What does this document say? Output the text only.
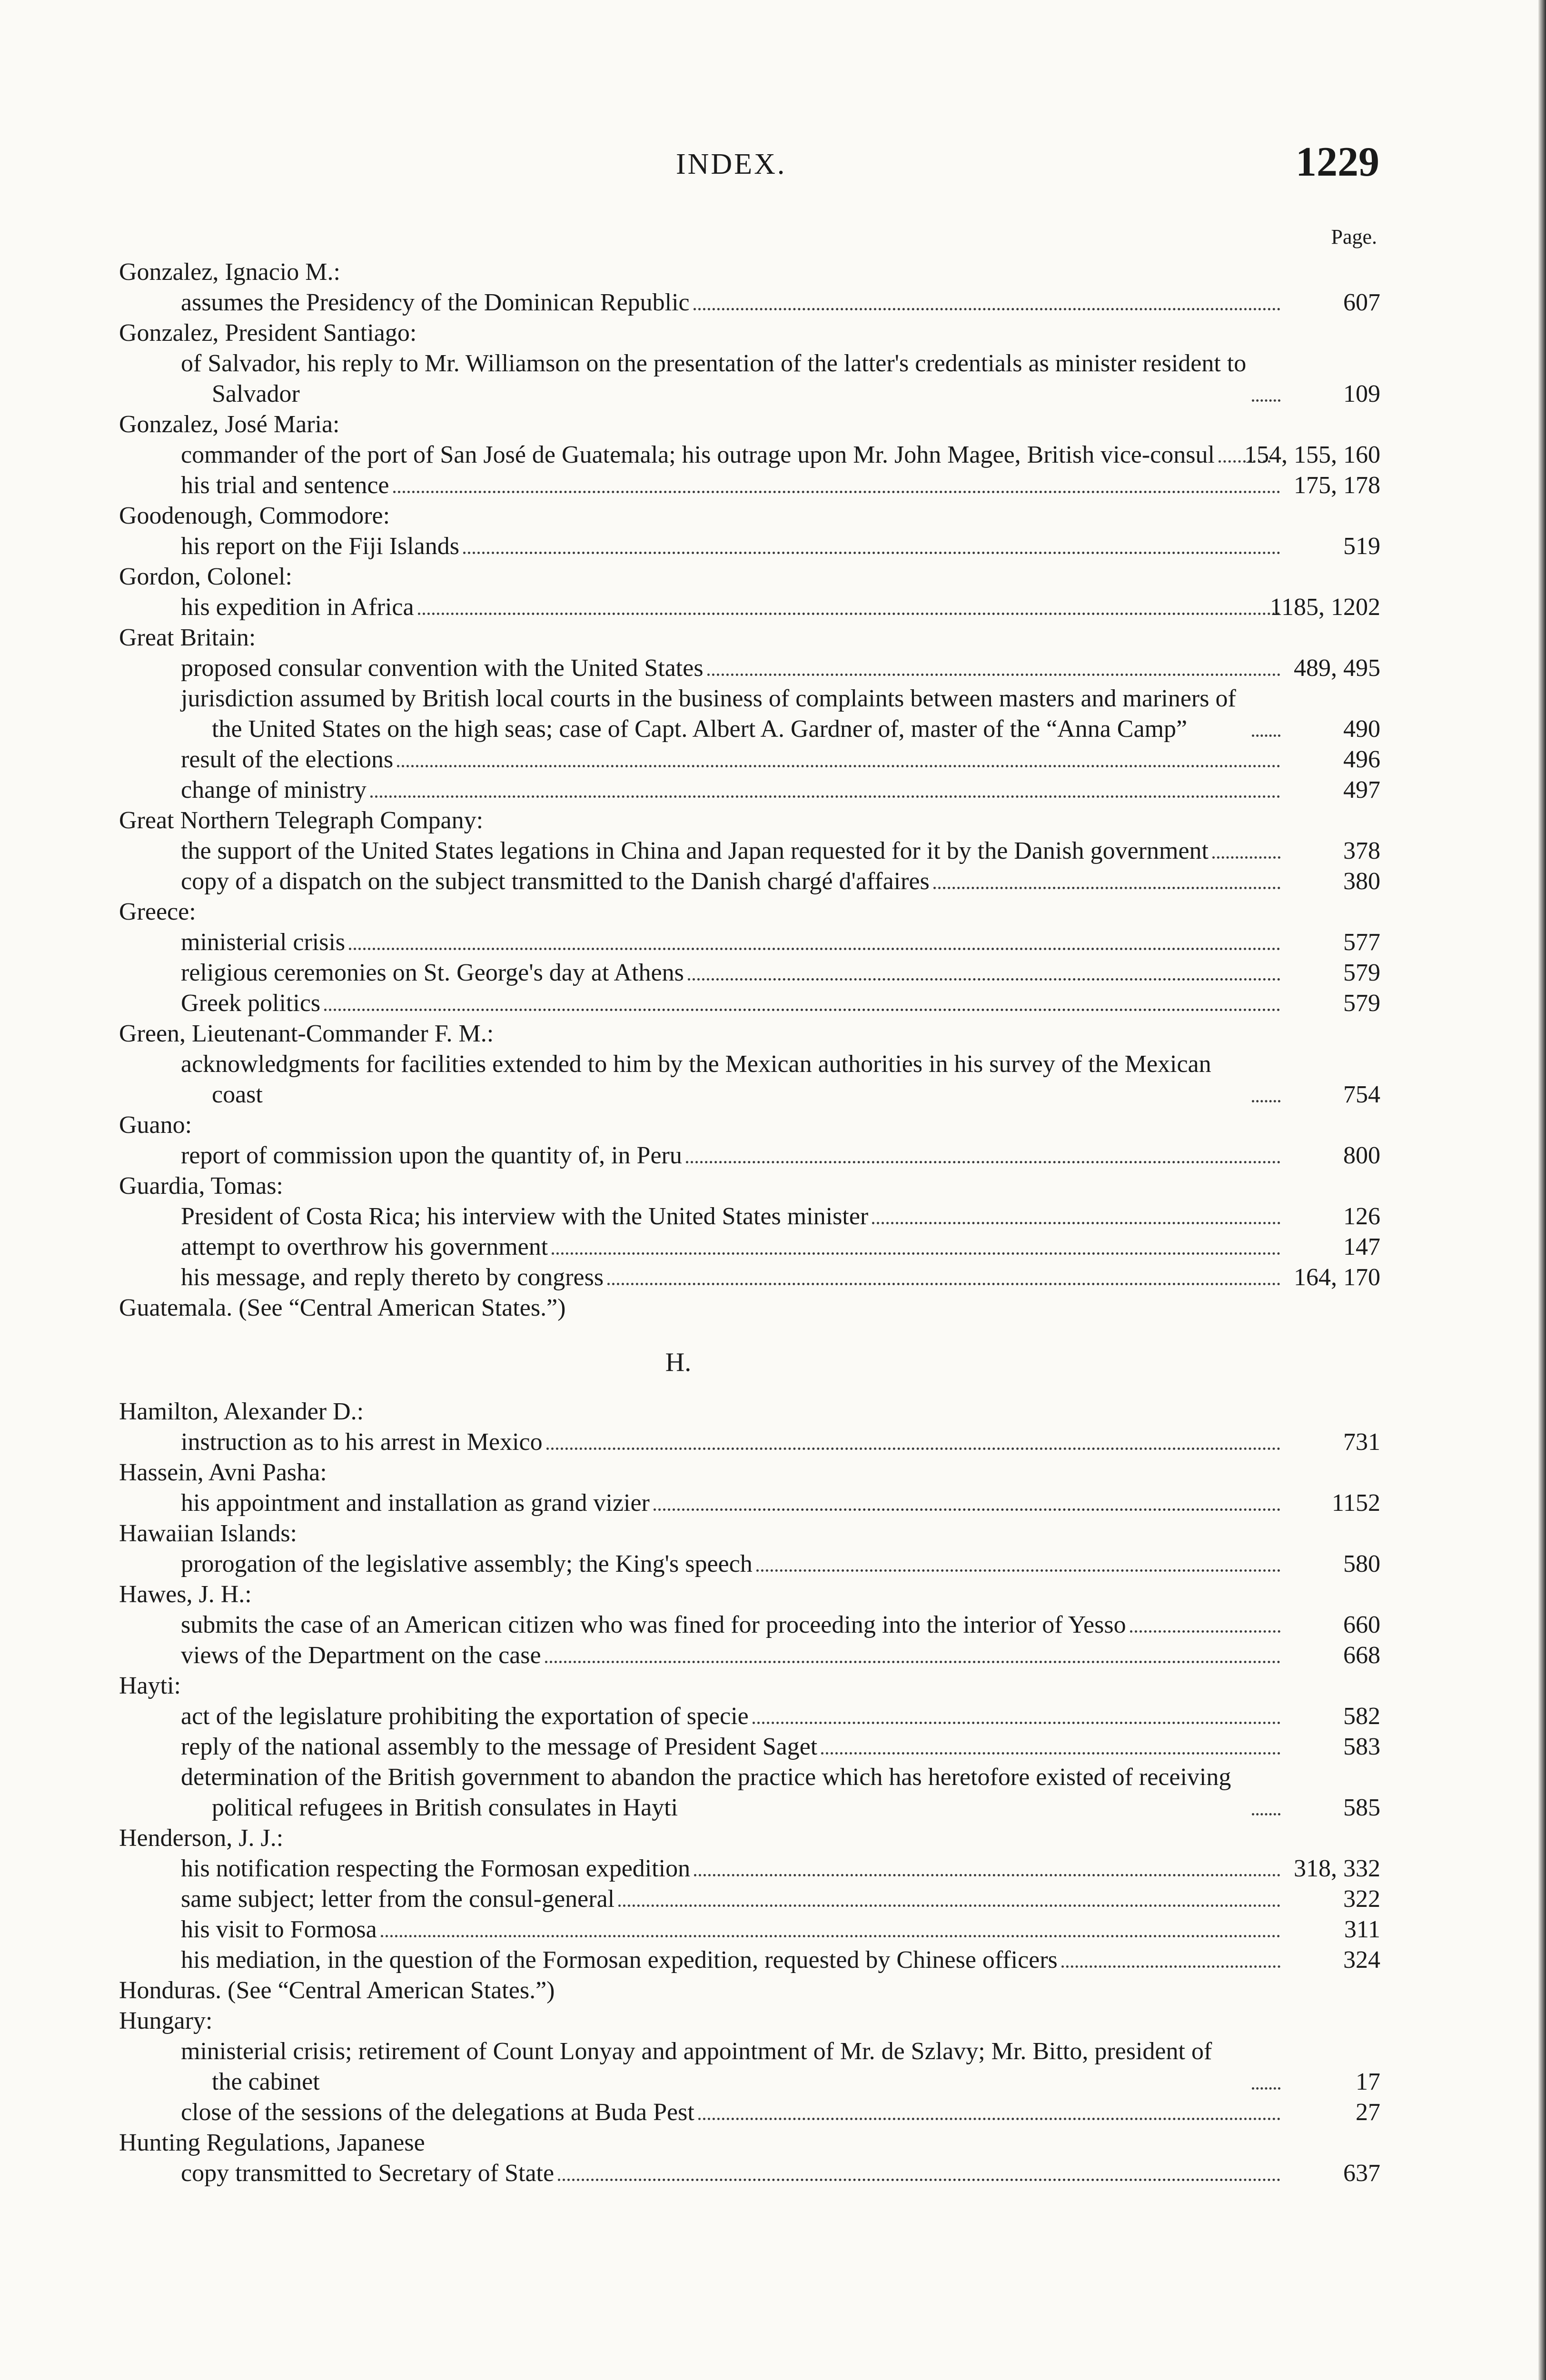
INDEX.	1229
Page.
Gonzalez, Ignacio M.:
assumes the Presidency of the Dominican Republic	607
Gonzalez, President Santiago:
of Salvador, his reply to Mr. Williamson on the presentation of the latter's credentials as minister resident to Salvador	109
Gonzalez, José Maria:
commander of the port of San José de Guatemala; his outrage upon Mr. John Magee, British vice-consul 154, 155, 160
his trial and sentence	175, 178
Goodenough, Commodore:
his report on the Fiji Islands	519
Gordon, Colonel:
his expedition in Africa	1185, 1202
Great Britain:
proposed consular convention with the United States	489, 495
jurisdiction assumed by British local courts in the business of complaints between masters and mariners of the United States on the high seas; case of Capt. Albert A. Gardner of, master of the “Anna Camp”	490
result of the elections	496
change of ministry	497
Great Northern Telegraph Company:
the support of the United States legations in China and Japan requested for it by the Danish government	378
copy of a dispatch on the subject transmitted to the Danish chargé d'affaires	380
Greece:
ministerial crisis	577
religious ceremonies on St. George's day at Athens	579
Greek politics	579
Green, Lieutenant-Commander F. M.:
acknowledgments for facilities extended to him by the Mexican authorities in his survey of the Mexican coast	754
Guano:
report of commission upon the quantity of, in Peru	800
Guardia, Tomas:
President of Costa Rica; his interview with the United States minister	126
attempt to overthrow his government	147
his message, and reply thereto by congress	164, 170
Guatemala. (See “Central American States.”)
H.
Hamilton, Alexander D.:
instruction as to his arrest in Mexico	731
Hassein, Avni Pasha:
his appointment and installation as grand vizier	1152
Hawaiian Islands:
prorogation of the legislative assembly; the King's speech	580
Hawes, J. H.:
submits the case of an American citizen who was fined for proceeding into the interior of Yesso	660
views of the Department on the case	668
Hayti:
act of the legislature prohibiting the exportation of specie	582
reply of the national assembly to the message of President Saget	583
determination of the British government to abandon the practice which has heretofore existed of receiving political refugees in British consulates in Hayti	585
Henderson, J. J.:
his notification respecting the Formosan expedition	318, 332
same subject; letter from the consul-general	322
his visit to Formosa	311
his mediation, in the question of the Formosan expedition, requested by Chinese officers	324
Honduras. (See “Central American States.”)
Hungary:
ministerial crisis; retirement of Count Lonyay and appointment of Mr. de Szlavy; Mr. Bitto, president of the cabinet	17
close of the sessions of the delegations at Buda Pest	27
Hunting Regulations, Japanese
copy transmitted to Secretary of State	637
